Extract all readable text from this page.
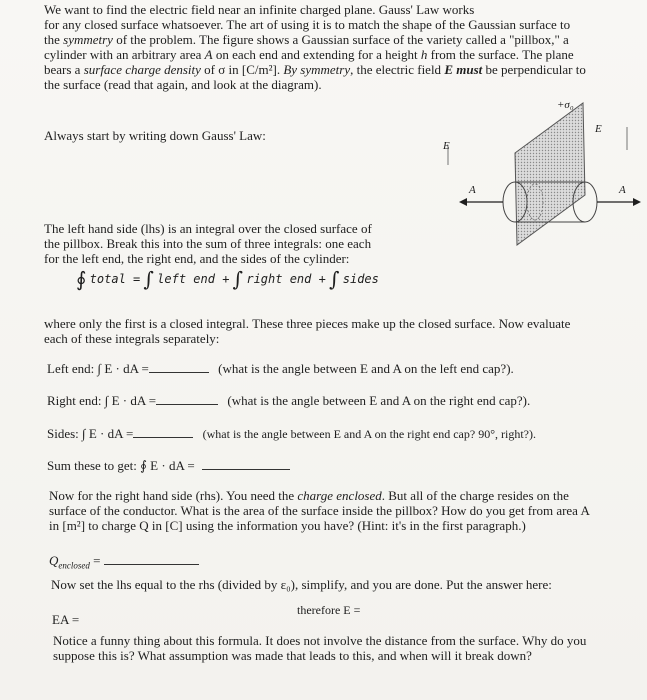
We want to find the electric field near an infinite charged plane. Gauss' Law works
for any closed surface whatsoever. The art of using it is to match the shape of the Gaussian surface to
the symmetry of the problem. The figure shows a Gaussian surface of the variety called a "pillbox," a
cylinder with an arbitrary area A on each end and extending for a height h from the surface. The plane
bears a surface charge density of σ in [C/m²]. By symmetry, the electric field E must be perpendicular to
the surface (read that again, and look at the diagram).
Always start by writing down Gauss' Law:
+σ₀
E
E
A	A
The left hand side (lhs) is an integral over the closed surface of
the pillbox. Break this into the sum of three integrals: one each
for the left end, the right end, and the sides of the cylinder:
∮ total = ∫ left end + ∫ right end + ∫ sides
where only the first is a closed integral. These three pieces make up the closed surface. Now evaluate
each of these integrals separately:
Left end: ∫ E · dA =	(what is the angle between E and A on the left end cap?).
Right end: ∫ E · dA =	(what is the angle between E and A on the right end cap?).
Sides: ∫ E · dA =	(what is the angle between E and A on the right end cap? 90°, right?).
Sum these to get: ∮ E · dA =
Now for the right hand side (rhs). You need the charge enclosed. But all of the charge resides on the
surface of the conductor. What is the area of the surface inside the pillbox? How do you get from area A
in [m²] to charge Q in [C] using the information you have? (Hint: it's in the first paragraph.)
$Q_{enclosed}$ =
Now set the lhs equal to the rhs (divided by ε₀), simplify, and you are done. Put the answer here:
EA =
therefore E =
Notice a funny thing about this formula. It does not involve the distance from the surface. Why do you
suppose this is? What assumption was made that leads to this, and when will it break down?
